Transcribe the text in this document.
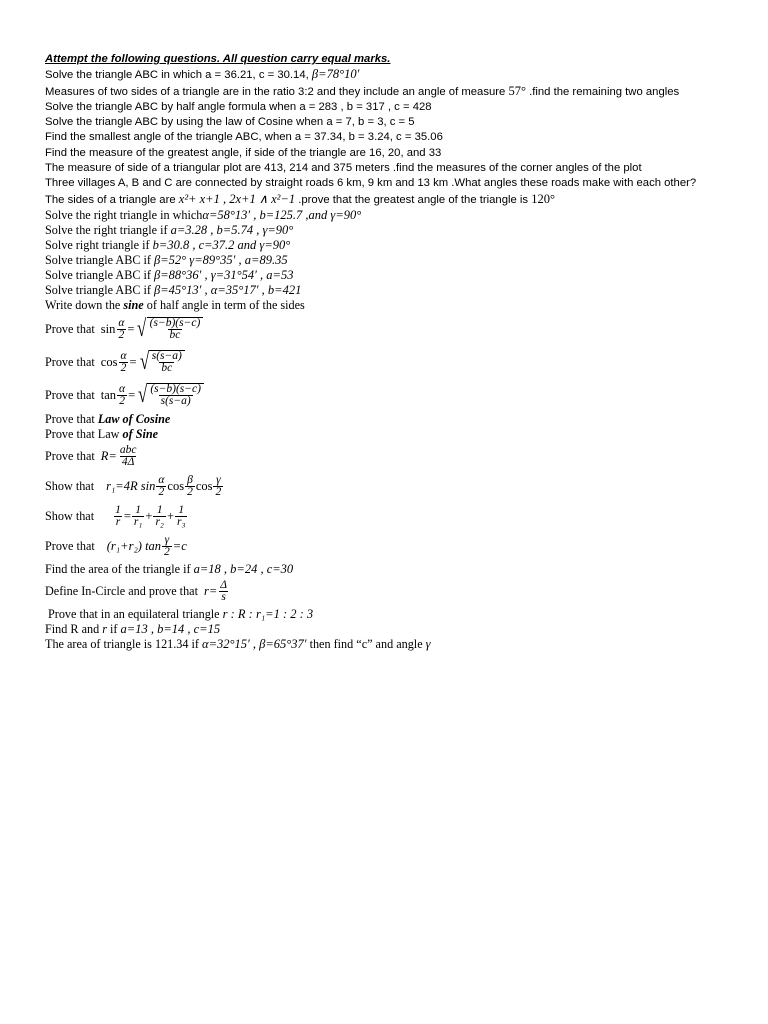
Attempt the following questions. All question carry equal marks.
Solve the triangle ABC in which a = 36.21, c = 30.14, β=78°10′
Measures of two sides of a triangle are in the ratio 3:2 and they include an angle of measure 57° .find the remaining two angles
Solve the triangle ABC by half angle formula when a = 283 , b = 317 , c = 428
Solve the triangle ABC by using the law of Cosine when a = 7, b = 3, c = 5
Find the smallest angle of the triangle ABC, when a = 37.34, b = 3.24, c = 35.06
Find the measure of the greatest angle, if side of the triangle are 16, 20, and 33
The measure of side of a triangular plot are 413, 214 and 375 meters .find the measures of the corner angles of the plot
Three villages A, B and C are connected by straight roads 6 km, 9 km and 13 km .What angles these roads make with each other?
The sides of a triangle are x²+ x+1 , 2x+1 ∧ x²−1 .prove that the greatest angle of the triangle is 120°
Solve the right triangle in whichα=58°13′ , b=125.7 ,and γ=90°
Solve the right triangle if a=3.28 , b=5.74 , γ=90°
Solve right triangle if b=30.8 , c=37.2 and γ=90°
Solve triangle ABC if β=52° γ=89°35′ , a=89.35
Solve triangle ABC if β=88°36′ , γ=31°54′ , a=53
Solve triangle ABC if β=45°13′ , α=35°17′ , b=421
Write down the sine of half angle in term of the sides
Prove that $\sin \frac{\alpha}{2}$ = √ (s−b)(s−c)
bc
Prove that $\cos \frac{\alpha}{2}$ = √ s(s−a)
bc
Prove that $\tan \frac{\alpha}{2}$ = √ (s−b)(s−c)
s(s−a)
Prove that Law of Cosine
Prove that Law of Sine
Prove that R= abc
4Δ
Show that r₁=4R sin α
2 cos β
2 cos γ
2
Show that $\frac{1}{r} = \frac{1}{\text{r₁}} + \frac{1}{\text{r₂}} + \frac{1}{\text{r₃}}$
Prove that (r₁+r₂) $\tan \frac{\gamma}{2} =c$
Find the area of the triangle if a=18 , b=24 , c=30
Define In-Circle and prove that $r= \frac{\Delta}{s}$
Prove that in an equilateral triangle r : R : r₁=1 : 2 : 3
Find R and r if a=13 , b=14 , c=15
The area of triangle is 121.34 if α=32°15′ , β=65°37′ then find “c” and angle γ
